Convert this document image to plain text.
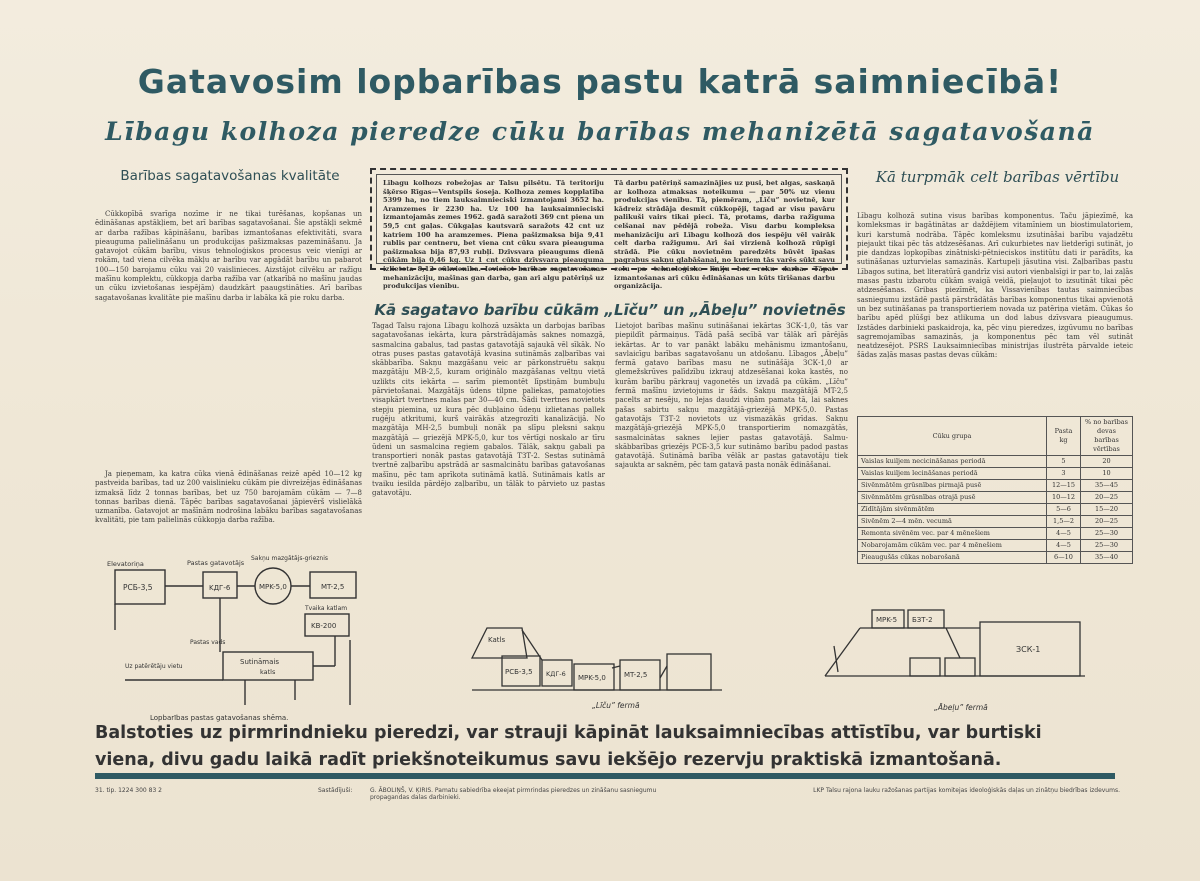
Gatavosim lopbarības pastu katrā saimniecībā!
Lībagu kolhoza pieredze cūku barības mehanizētā sagatavošanā
Barības sagatavošanas kvalitāte

Cūkkopībā svarīga nozīme ir ne tikai turēšanas, kopšanas un ēdināšanas apstākļiem, bet arī barības sagatavošanai. Šie apstākļi sekmē ar darba ražības kāpināšanu, barības izmantošanas efektivitāti, svara pieauguma palielināšanu un produkcijas pašizmaksas pazemināšanu. Ja gatavojot cūkām barību, visus tehnoloģiskos procesus veic vienīgi ar rokām, tad viena cilvēka mākļu ar barību var apgādāt barību un pabarot 100—150 barojamu cūku vai 20 vaislinieces. Aizstājot cilvēku ar ražīgu mašīnu komplektu, cūkkopja darba ražība var (atkarībā no mašīnu jaudas un cūku izvietošanas iespējām) daudzkārt paaugstināties. Arī barības sagatavošanas kvalitāte pie mašīnu darba ir labāka kā pie roku darba.

Ja pieņemam, ka katra cūka vienā ēdināšanas reizē apēd 10—12 kg pastveida barības, tad uz 200 vaislinieku cūkām pie divreizējas ēdināšanas izmaksā līdz 2 tonnas barības, bet uz 750 barojamām cūkām — 7—8 tonnas barības dienā. Tāpēc barības sagatavošanai jāpievērš vislielākā uzmanība. Gatavojot ar mašīnām nodrošina labāku barības sagatavošanas kvalitāti, pie tam palielinās cūkkopja darba ražība.

Elevatoriņa
PCБ-3,5
Pastas gatavotājs
KДГ-6
Sakņu mazgātājs-grieznis
MPK-5,0	MT-2,5
Sutināmais
katls
KB-200
Tvaika katlam
Pastas vads
Uz patērētāju vietu
Lopbarības pastas gatavošanas shēma.
Lībagu kolhozs robežojas ar Talsu pilsētu. Tā teritoriju šķērso Rīgas—Ventspils šoseja. Kolhoza zemes kopplatība 5399 ha, no tiem lauksaimnieciski izmantojami 3652 ha. Aramzemes ir 2230 ha. Uz 100 ha lauksaimnieciski izmantojamās zemes 1962. gadā saražoti 369 cnt piena un 59,5 cnt gaļas. Cūkgaļas kautsvarā saražots 42 cnt uz katriem 100 ha aramzemes. Piena pašizmaksa bija 9,41 rublis par centneru, bet viena cnt cūku svara pieauguma pašizmaksa bija 87,93 rubļi. Dzīvsvara pieaugums dienā cūkām bija 0,46 kg. Uz 1 cnt cūku dzīvsvara pieauguma izlietota 8,12 cūkvienība. Ieviešot barības sagatavošanas mehanizāciju, mašīnas gan darba, gan arī algu patēriņš uz produkcijas vienību.
Tā darbu patēriņš samazinājies uz pusi, bet algas, saskaņā ar kolhoza atmaksas noteikumu — par 50% uz vienu produkcijas vienību. Tā, piemēram, „Līču” novietnē, kur kādreiz strādāja desmit cūkkopēji, tagad ar visu pavāru palikuši vairs tikai pieci. Tā, protams, darba ražīguma celšanai nav pēdējā robeža. Visu darbu kompleksa mehanizāciju arī Lībagu kolhozā dos iespēju vēl vairāk celt darba ražīgumu. Arī šai virzienā kolhozā rūpīgi strādā. Pie cūku novietnēm paredzēts būvēt īpašas pagrabus sakņu glabāšanai, no kuriem tās varēs sūkt savu celu pa tehnoloģisko līniju bez roku darba. Tāpat izmantošanas arī cūku ēdināšanas un kūts tīrīšanas darbu organizācija.
Kā sagatavo barību cūkām „Līču” un „Ābeļu” novietnēs
Tagad Talsu rajona Lībagu kolhozā uzsākta un darbojas barības sagatavošanas iekārta, kura pārstrādājamās saknes nomazgā, sasmalcina gabalus, tad pastas gatavotājā sajaukā vēl sīkāk. No otras puses pastas gatavotājā kvasina sutināmās zaļbarības vai skābbarība. Sakņu mazgāšanu veic ar pārkonstruētu sakņu mazgātāju MB-2,5, kuram oriģinālo mazgāšanas veltņu vietā uzlikts cits iekārta — sarīm piemontēt līpstiņām bumbuļu pārvietošanai. Mazgātājs ūdens tilpne paliekas, pamatojoties visapkārt tvertnes malas par 30—40 cm. Šādi tvertnes novietots stepju piemina, uz kura pēc dubļaino ūdeņu izlietanas pallek ruģēju atkritumi, kurš vairākās atzegrozīti kanalizācijā. No mazgātāja MH-2,5 bumbuļi nonāk pa slīpu pleksni sakņu mazgātājā — griezējā MPK-5,0, kur tos vērtīgi noskalo ar tīru ūdeni un sasmalcina regiem gabalos. Tālāk, sakņu gabali pa transportieri nonāk pastas gatavotājā TЗТ-2. Sestas sutināmā tvertnē zaļbarību apstrādā ar sasmalcinātu barības gatavošanas mašīnu, pēc tam aprīkota sutināmā katlā. Sutināmais katls ar tvaiku iesilda pārdējo zaļbarību, un tālāk to pārvieto uz pastas gatavotāju.
Lietojot barības mašīnu sutināšanai iekārtas ЗСК-1,0, tās var piepildīt pārmaiņus. Tādā pašā secībā var tālāk arī pārējās iekārtas. Ar to var panākt labāku mehānismu izmantošanu, savlaicīgu barības sagatavošanu un atdošanu. Lībagos „Ābeļu” fermā gatavo barības masu ne sutināšāja ЗСК-1,0 ar glemežskrūves palīdzību izkrauj atdzesēšanai koka kastēs, no kurām barību pārkrauj vagonetēs un izvadā pa cūkām. „Līču” fermā mašīnu izvietojums ir šāds. Sakņu mazgātājā MT-2,5 pacelts ar nesēju, no lejas daudzi viņām pamata tā, lai saknes pašas sabirtu sakņu mazgātājā-griezējā MPK-5,0. Pastas gatavotājs TЗТ-2 novietots uz vismazākās grīdas. Sakņu mazgātājā-griezējā MPK-5,0 transportierim nomazgātās, sasmalcinātas saknes lejier pastas gatavotājā. Salmu-skābbarības griezējs PCБ-3,5 kur sutināmo barību padod pastas gatavotājā. Sutināmā barība vēlāk ar pastas gatavotāju tiek sajaukta ar saknēm, pēc tam gatavā pasta nonāk ēdināšanai.
Katls
PCБ-3,5 KДГ-6 MPK-5,0	MT-2,5
„Līču” fermā
Kā turpmāk celt barības vērtību
Lībagu kolhozā sutina visus barības komponentus. Taču jāpiezīmē, ka komleksmas ir bagātinātas ar daždējiem vitamīniem un biostimulatoriem, kuri karstumā nodrāba. Tāpēc komleksmu izsutināšai barību vajadzētu piejaukt tikai pēc tās atdzesēšanas. Arī cukurbietes nav lietderīgi sutināt, jo pie dandzas lopkopības zinātniski-pētnieciskos institūtu dati ir parādīts, ka sutināšanas uzturvielas samazinās. Kartupeļi jāsutina visi. Zaļbarības pastu Lībagos sutina, bet literatūrā gandrīz visi autori vienbalsīgi ir par to, lai zaļās masas pastu izbarotu cūkām svaigā veidā, pieļaujot to izsutināt tikai pēc atdzesēšanas. Gribas piezīmēt, ka Vissavienības tautas saimniecības sasniegumu izstādē pastā pārstrādātās barības komponentus tikai apvienotā un bez sutināšanas pa transportieriem novada uz patēriņa vietām. Cūkas šo barību apēd plūšgi bez atlikuma un dod labus dzīvsvara pieaugumus. Izstādes darbinieki paskaidroja, ka, pēc viņu pieredzes, izgūvumu no barības sagremojamības samazinās, ja komponentus pēc tam vēl sutināt neatdzesējot. PSRS Lauksaimniecības ministrijas ilustrēta pārvalde ieteic šādas zaļās masas pastas devas cūkām:
Cūku grupa	Pasta kg	% no barības devas barības vērtības
Vaislas kuiljem necicināšanas periodā	5	20
Vaislas kuiljem lecināšanas periodā	3	10
Sivēnmātēm grūsnības pirmajā pusē	12—15	35—45
Sivēnmātēm grūsnības otrajā pusē	10—12	20—25
Zīdītājām sivēnmātēm	5—6	15—20
Sivēnēm 2—4 mēn. vecumā	1,5—2	20—25
Remonta sivēnēm vec. par 4 mēnešiem	4—5	25—30
Nobarojamām cūkām vec. par 4 mēnešiem	4—5	25—30
Pieaugušās cūkas nobarošanā	6—10	35—40
MPK-5 БЗТ-2
ЗСК-1
„Ābeļu” fermā
Balstoties uz pirmrindnieku pieredzi, var strauji kāpināt lauksaimniecības attīstību, var burtiski
viena, divu gadu laikā radīt priekšnoteikumus savu iekšējo rezervju praktiskā izmantošanā.
31. tip. 1224 300 83 2	Sastādījuši:	G. ĀBOLIŅŠ, V. ĶIRIS. Pamatu sabiedrība ekeejat pirmrindas pieredzes un zināšanu sasniegumu propagandas dalas darbinieki.
LKP Talsu rajona lauku ražošanas partijas komitejas ideoloģiskās daļas un zinātņu biedrības izdevums.
